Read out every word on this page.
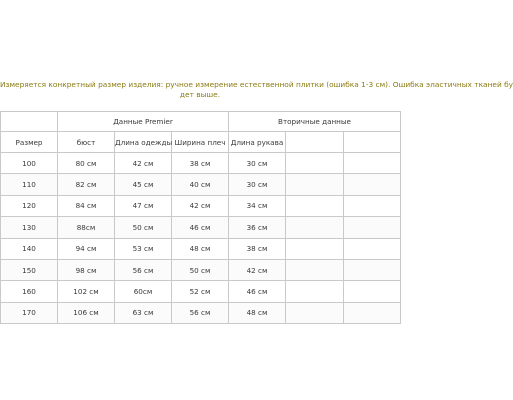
Измеряется конкретный размер изделия: ручное измерение естественной плитки (ошибка 1-3 см). Ошибка эластичных тканей бу
дет выше.
	Данные Premier			Вторичные данные		
Размер	бюст	Длина одежды	Ширина плеч	Длина рукава		
100	80 см	42 см	38 см	30 см		
110	82 см	45 см	40 см	30 см		
120	84 см	47 см	42 см	34 см		
130	88см	50 см	46 см	36 см		
140	94 см	53 см	48 см	38 см		
150	98 см	56 см	50 см	42 см		
160	102 см	60см	52 см	46 см		
170	106 см	63 см	56 см	48 см		
